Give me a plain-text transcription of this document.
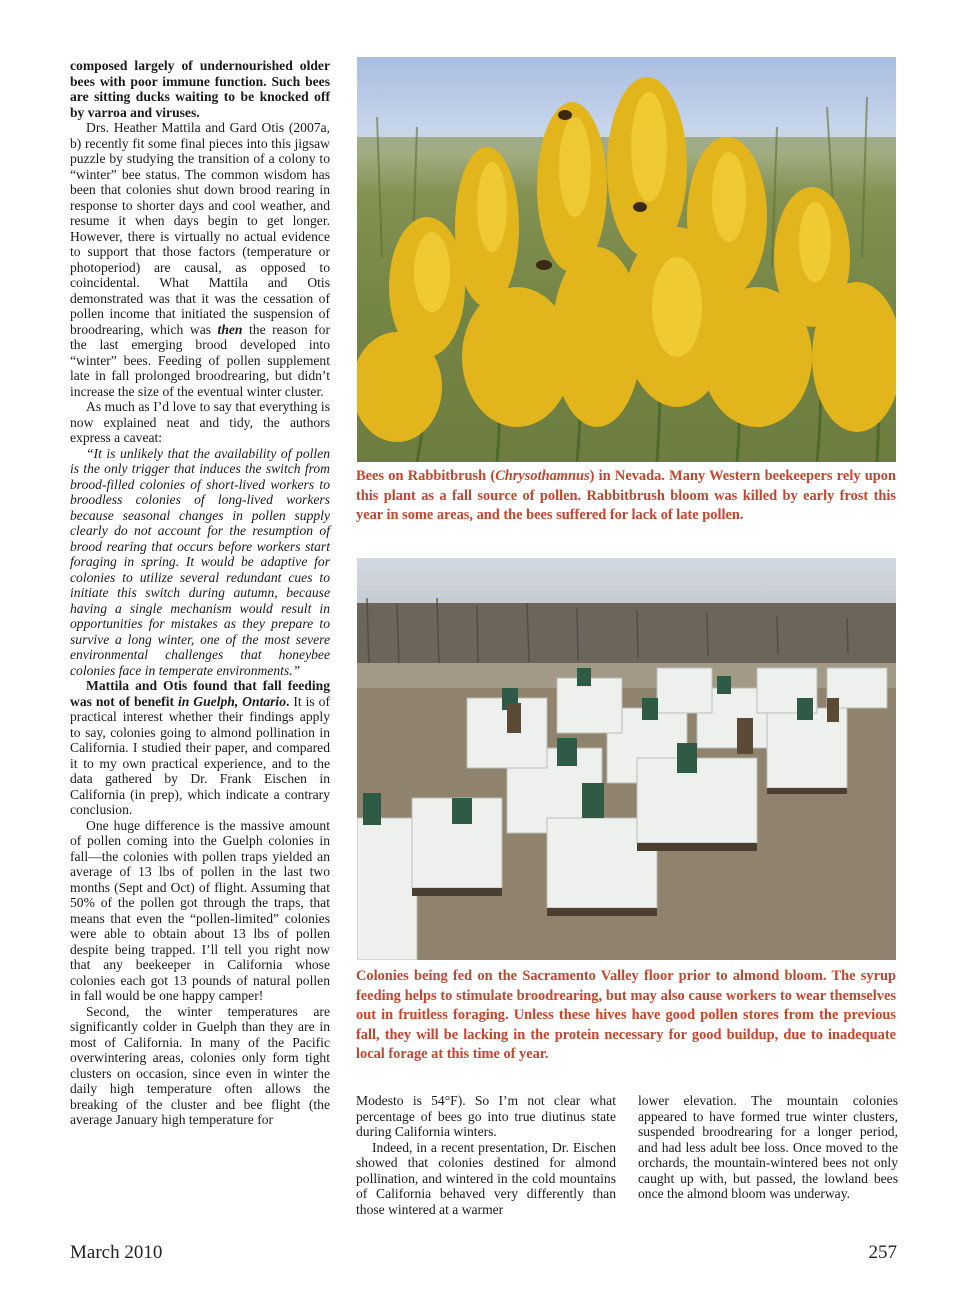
composed largely of undernourished older bees with poor immune function. Such bees are sitting ducks waiting to be knocked off by varroa and viruses.

Drs. Heather Mattila and Gard Otis (2007a, b) recently fit some final pieces into this jigsaw puzzle by studying the transition of a colony to “winter” bee status. The common wisdom has been that colonies shut down brood rearing in response to shorter days and cool weather, and resume it when days begin to get longer. However, there is virtually no actual evidence to support that those factors (temperature or photoperiod) are causal, as opposed to coincidental. What Mattila and Otis demonstrated was that it was the cessation of pollen income that initiated the suspension of broodrearing, which was then the reason for the last emerging brood developed into “winter” bees. Feeding of pollen supplement late in fall prolonged broodrearing, but didn’t increase the size of the eventual winter cluster.

As much as I’d love to say that everything is now explained neat and tidy, the authors express a caveat:

“It is unlikely that the availability of pollen is the only trigger that induces the switch from brood-filled colonies of short-lived workers to broodless colonies of long-lived workers because seasonal changes in pollen supply clearly do not account for the resumption of brood rearing that occurs before workers start foraging in spring. It would be adaptive for colonies to utilize several redundant cues to initiate this switch during autumn, because having a single mechanism would result in opportunities for mistakes as they prepare to survive a long winter, one of the most severe environmental challenges that honeybee colonies face in temperate environments.”

Mattila and Otis found that fall feeding was not of benefit in Guelph, Ontario. It is of practical interest whether their findings apply to say, colonies going to almond pollination in California. I studied their paper, and compared it to my own practical experience, and to the data gathered by Dr. Frank Eischen in California (in prep), which indicate a contrary conclusion.

One huge difference is the massive amount of pollen coming into the Guelph colonies in fall—the colonies with pollen traps yielded an average of 13 lbs of pollen in the last two months (Sept and Oct) of flight. Assuming that 50% of the pollen got through the traps, that means that even the “pollen-limited” colonies were able to obtain about 13 lbs of pollen despite being trapped. I’ll tell you right now that any beekeeper in California whose colonies each got 13 pounds of natural pollen in fall would be one happy camper!

Second, the winter temperatures are significantly colder in Guelph than they are in most of California. In many of the Pacific overwintering areas, colonies only form tight clusters on occasion, since even in winter the daily high temperature often allows the breaking of the cluster and bee flight (the average January high temperature for

Bees on Rabbitbrush (Chrysothamnus) in Nevada. Many Western beekeepers rely upon this plant as a fall source of pollen. Rabbitbrush bloom was killed by early frost this year in some areas, and the bees suffered for lack of late pollen.
Colonies being fed on the Sacramento Valley floor prior to almond bloom. The syrup feeding helps to stimulate broodrearing, but may also cause workers to wear themselves out in fruitless foraging. Unless these hives have good pollen stores from the previous fall, they will be lacking in the protein necessary for good buildup, due to inadequate local forage at this time of year.

Modesto is 54°F). So I’m not clear what percentage of bees go into true diutinus state during California winters.

Indeed, in a recent presentation, Dr. Eischen showed that colonies destined for almond pollination, and wintered in the cold mountains of California behaved very differently than those wintered at a warmer

lower elevation. The mountain colonies appeared to have formed true winter clusters, suspended broodrearing for a longer period, and had less adult bee loss. Once moved to the orchards, the mountain-wintered bees not only caught up with, but passed, the lowland bees once the almond bloom was underway.

March 2010	257
